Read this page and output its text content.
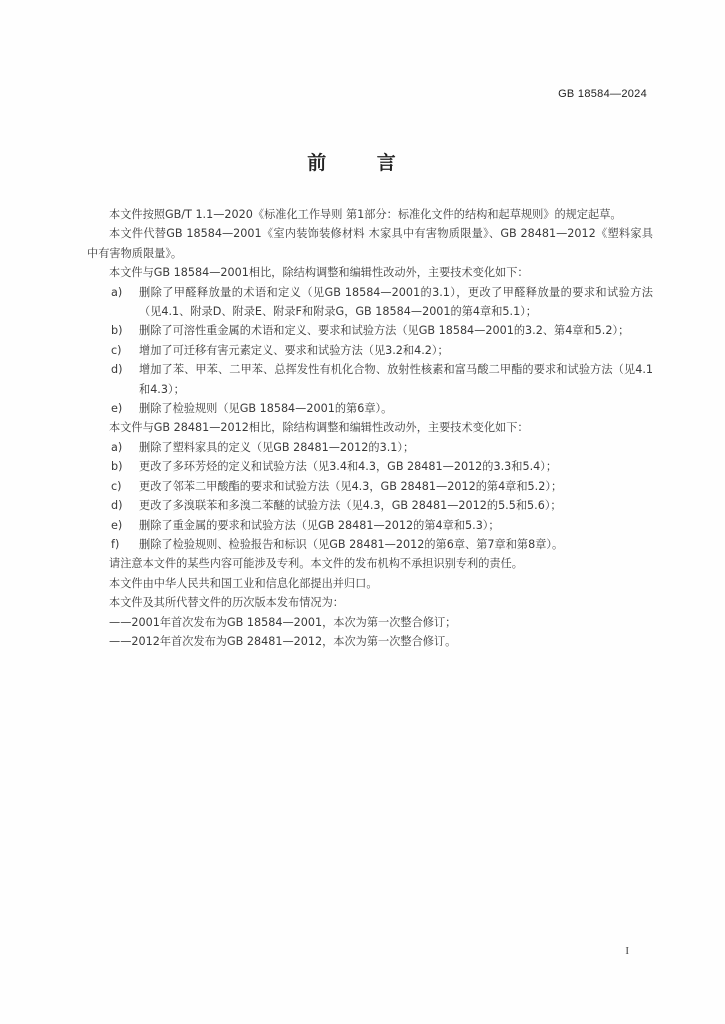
GB 18584—2024
前 言
本文件按照GB/T 1.1—2020《标准化工作导则 第1部分：标准化文件的结构和起草规则》的规定起草。
本文件代替GB 18584—2001《室内装饰装修材料 木家具中有害物质限量》、GB 28481—2012《塑料家具中有害物质限量》。
本文件与GB 18584—2001相比，除结构调整和编辑性改动外，主要技术变化如下：
a)	删除了甲醛释放量的术语和定义（见GB 18584—2001的3.1），更改了甲醛释放量的要求和试验方法（见4.1、附录D、附录E、附录F和附录G，GB 18584—2001的第4章和5.1）；
b)	删除了可溶性重金属的术语和定义、要求和试验方法（见GB 18584—2001的3.2、第4章和5.2）；
c)	增加了可迁移有害元素定义、要求和试验方法（见3.2和4.2）；
d)	增加了苯、甲苯、二甲苯、总挥发性有机化合物、放射性核素和富马酸二甲酯的要求和试验方法（见4.1和4.3）；
e)	删除了检验规则（见GB 18584—2001的第6章）。
本文件与GB 28481—2012相比，除结构调整和编辑性改动外，主要技术变化如下：
a)	删除了塑料家具的定义（见GB 28481—2012的3.1）；
b)	更改了多环芳烃的定义和试验方法（见3.4和4.3，GB 28481—2012的3.3和5.4）；
c)	更改了邻苯二甲酸酯的要求和试验方法（见4.3，GB 28481—2012的第4章和5.2）；
d)	更改了多溴联苯和多溴二苯醚的试验方法（见4.3，GB 28481—2012的5.5和5.6）；
e)	删除了重金属的要求和试验方法（见GB 28481—2012的第4章和5.3）；
f)	删除了检验规则、检验报告和标识（见GB 28481—2012的第6章、第7章和第8章）。
请注意本文件的某些内容可能涉及专利。本文件的发布机构不承担识别专利的责任。
本文件由中华人民共和国工业和信息化部提出并归口。
本文件及其所代替文件的历次版本发布情况为：
——2001年首次发布为GB 18584—2001，本次为第一次整合修订；
——2012年首次发布为GB 28481—2012，本次为第一次整合修订。
I
